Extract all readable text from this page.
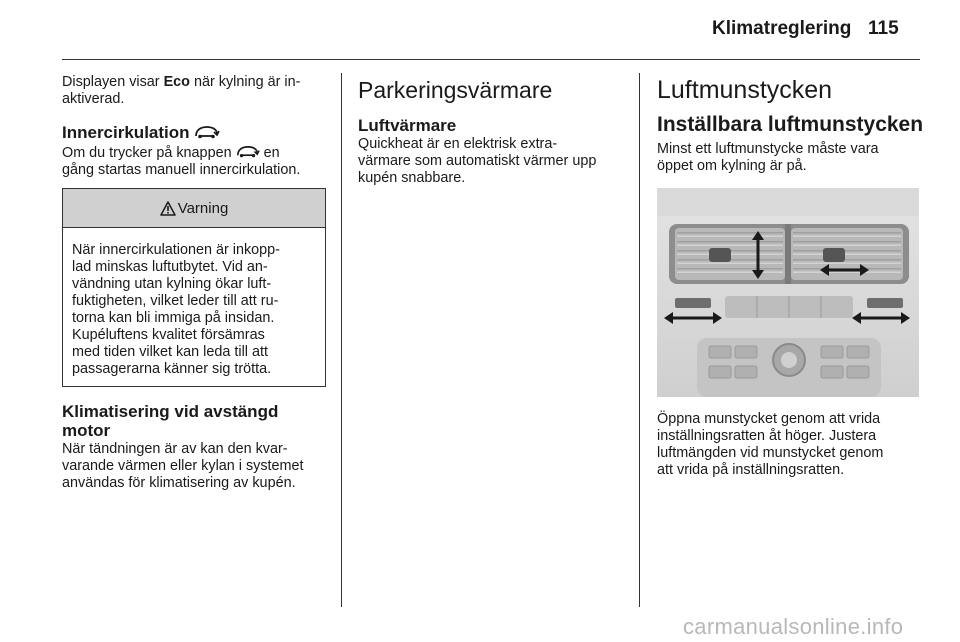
Klimatreglering 115

Displayen visar Eco när kylning är in-
aktiverad.

Innercirkulation

Om du trycker på knappen  en
gång startas manuell innercirkulation.

Varning

När innercirkulationen är inkopp-
lad minskas luftutbytet. Vid an-
vändning utan kylning ökar luft-
fuktigheten, vilket leder till att ru-
torna kan bli immiga på insidan.
Kupéluftens kvalitet försämras
med tiden vilket kan leda till att
passagerarna känner sig trötta.

Klimatisering vid avstängd
motor

När tändningen är av kan den kvar-
varande värmen eller kylan i systemet
användas för klimatisering av kupén.

Parkeringsvärmare

Luftvärmare

Quickheat är en elektrisk extra-
värmare som automatiskt värmer upp
kupén snabbare.

Luftmunstycken

Inställbara luftmunstycken

Minst ett luftmunstycke måste vara
öppet om kylning är på.

Öppna munstycket genom att vrida
inställningsratten åt höger. Justera
luftmängden vid munstycket genom
att vrida på inställningsratten.

carmanualsonline.info
